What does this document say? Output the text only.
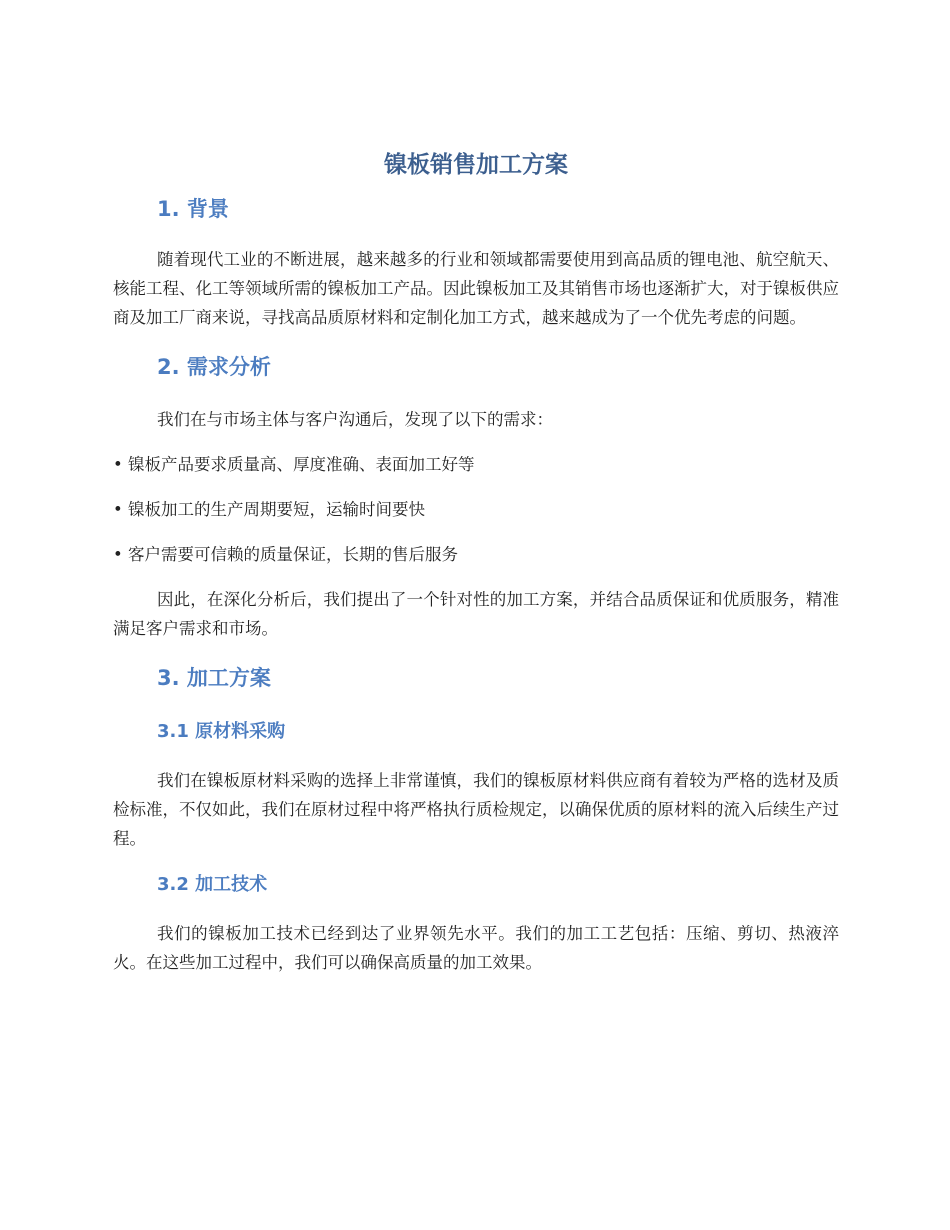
镍板销售加工方案
1. 背景

随着现代工业的不断进展，越来越多的行业和领域都需要使用到高品质的锂电池、航空航天、核能工程、化工等领域所需的镍板加工产品。因此镍板加工及其销售市场也逐渐扩大，对于镍板供应商及加工厂商来说，寻找高品质原材料和定制化加工方式，越来越成为了一个优先考虑的问题。

2. 需求分析

我们在与市场主体与客户沟通后，发现了以下的需求：

• 镍板产品要求质量高、厚度准确、表面加工好等

• 镍板加工的生产周期要短，运输时间要快

• 客户需要可信赖的质量保证，长期的售后服务

因此，在深化分析后，我们提出了一个针对性的加工方案，并结合品质保证和优质服务，精准满足客户需求和市场。

3. 加工方案
3.1 原材料采购

我们在镍板原材料采购的选择上非常谨慎，我们的镍板原材料供应商有着较为严格的选材及质检标准，不仅如此，我们在原材过程中将严格执行质检规定，以确保优质的原材料的流入后续生产过程。

3.2 加工技术

我们的镍板加工技术已经到达了业界领先水平。我们的加工工艺包括：压缩、剪切、热液淬火。在这些加工过程中，我们可以确保高质量的加工效果。
